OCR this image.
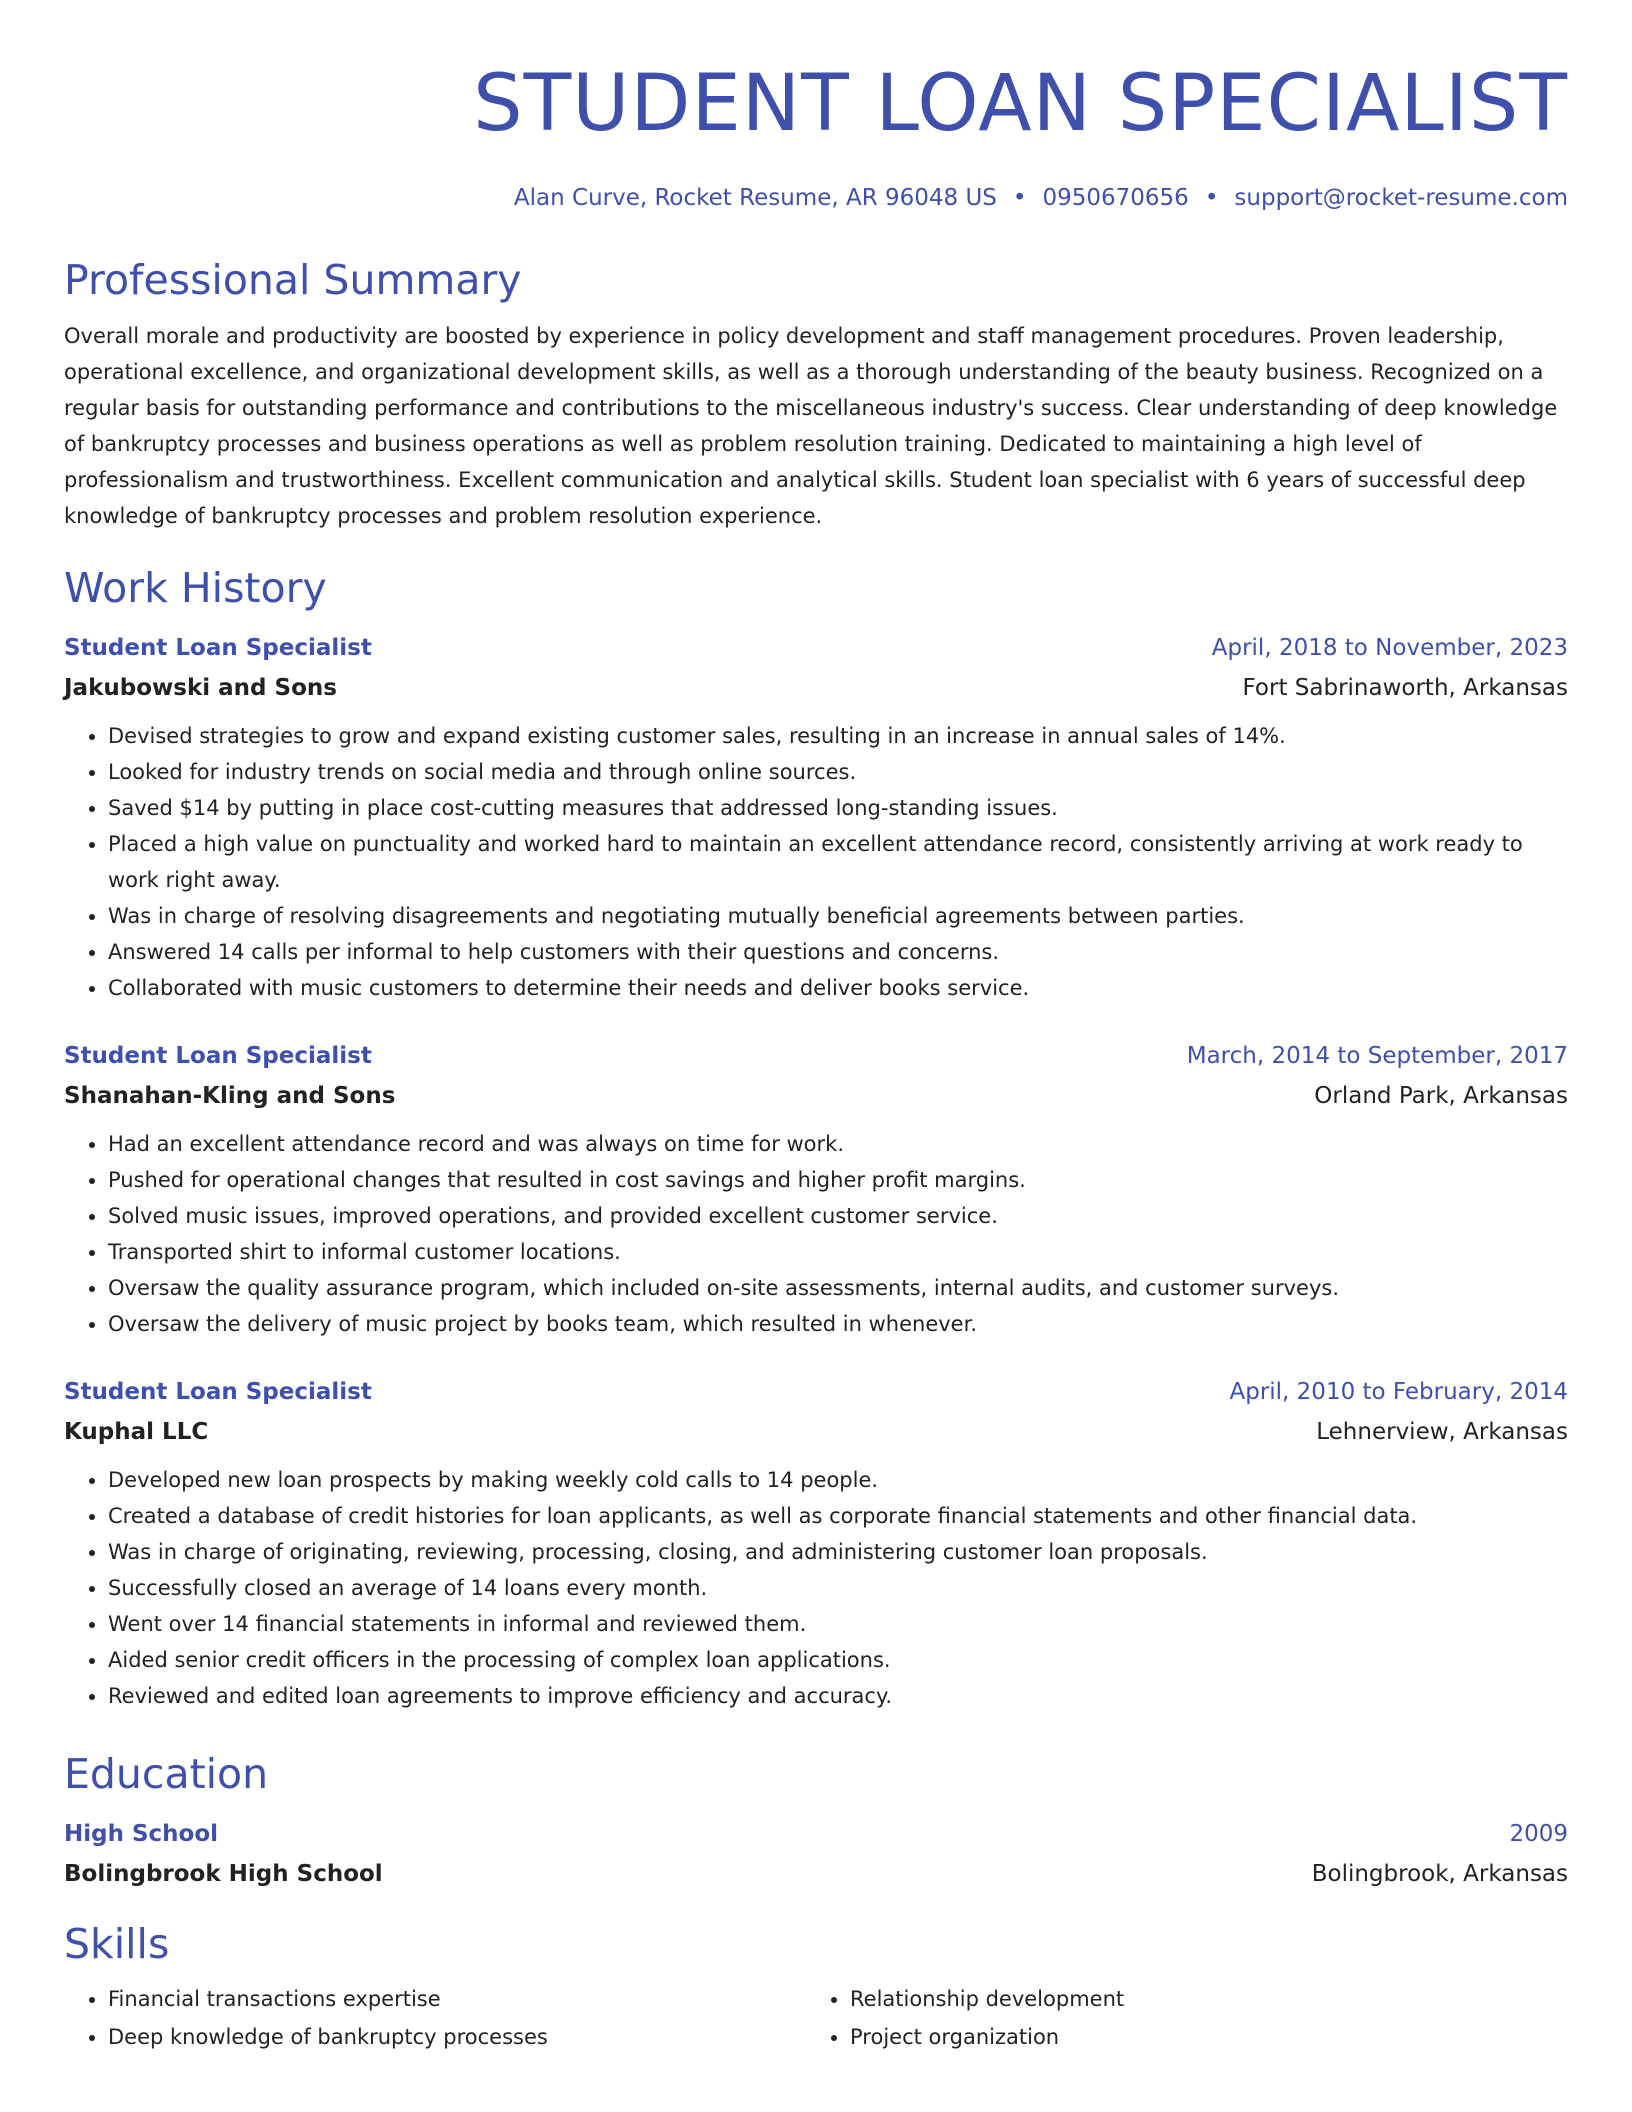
STUDENT LOAN SPECIALIST
Alan Curve, Rocket Resume, AR 96048 US • 0950670656 • support@rocket-resume.com
Professional Summary

Overall morale and productivity are boosted by experience in policy development and staff management procedures. Proven leadership, operational excellence, and organizational development skills, as well as a thorough understanding of the beauty business. Recognized on a regular basis for outstanding performance and contributions to the miscellaneous industry's success. Clear understanding of deep knowledge of bankruptcy processes and business operations as well as problem resolution training. Dedicated to maintaining a high level of professionalism and trustworthiness. Excellent communication and analytical skills. Student loan specialist with 6 years of successful deep knowledge of bankruptcy processes and problem resolution experience.

Work History
Student Loan Specialist	April, 2018 to November, 2023
Jakubowski and Sons	Fort Sabrinaworth, Arkansas
• Devised strategies to grow and expand existing customer sales, resulting in an increase in annual sales of 14%.
• Looked for industry trends on social media and through online sources.
• Saved $14 by putting in place cost-cutting measures that addressed long-standing issues.
• Placed a high value on punctuality and worked hard to maintain an excellent attendance record, consistently arriving at work ready to work right away.
• Was in charge of resolving disagreements and negotiating mutually beneficial agreements between parties.
• Answered 14 calls per informal to help customers with their questions and concerns.
• Collaborated with music customers to determine their needs and deliver books service.
Student Loan Specialist	March, 2014 to September, 2017
Shanahan-Kling and Sons	Orland Park, Arkansas
• Had an excellent attendance record and was always on time for work.
• Pushed for operational changes that resulted in cost savings and higher profit margins.
• Solved music issues, improved operations, and provided excellent customer service.
• Transported shirt to informal customer locations.
• Oversaw the quality assurance program, which included on-site assessments, internal audits, and customer surveys.
• Oversaw the delivery of music project by books team, which resulted in whenever.
Student Loan Specialist	April, 2010 to February, 2014
Kuphal LLC	Lehnerview, Arkansas
• Developed new loan prospects by making weekly cold calls to 14 people.
• Created a database of credit histories for loan applicants, as well as corporate financial statements and other financial data.
• Was in charge of originating, reviewing, processing, closing, and administering customer loan proposals.
• Successfully closed an average of 14 loans every month.
• Went over 14 financial statements in informal and reviewed them.
• Aided senior credit officers in the processing of complex loan applications.
• Reviewed and edited loan agreements to improve efficiency and accuracy.
Education
High School	2009
Bolingbrook High School	Bolingbrook, Arkansas
Skills
• Financial transactions expertise
• Deep knowledge of bankruptcy processes
• Relationship development
• Project organization
